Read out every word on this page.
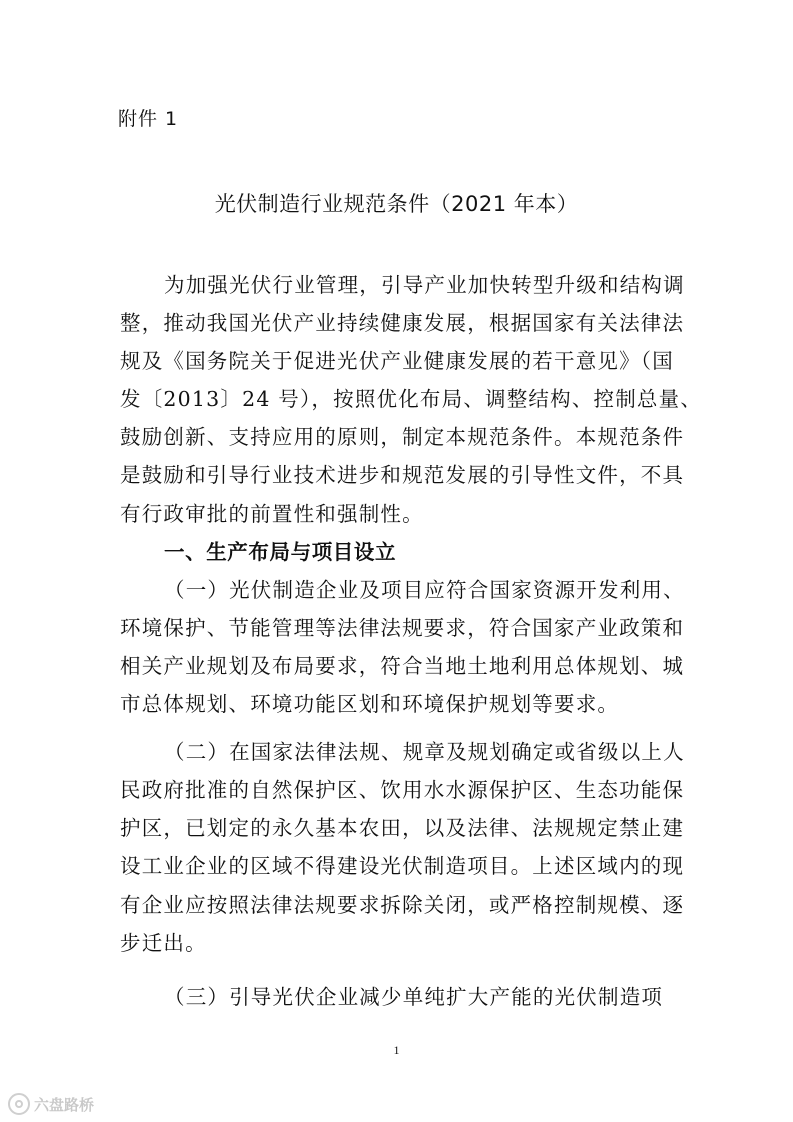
附件 1
光伏制造行业规范条件（2021 年本）
为加强光伏行业管理，引导产业加快转型升级和结构调
整，推动我国光伏产业持续健康发展，根据国家有关法律法
规及《国务院关于促进光伏产业健康发展的若干意见》（国
发〔2013〕24 号），按照优化布局、调整结构、控制总量、
鼓励创新、支持应用的原则，制定本规范条件。本规范条件
是鼓励和引导行业技术进步和规范发展的引导性文件，不具
有行政审批的前置性和强制性。
一、生产布局与项目设立
（一）光伏制造企业及项目应符合国家资源开发利用、
环境保护、节能管理等法律法规要求，符合国家产业政策和
相关产业规划及布局要求，符合当地土地利用总体规划、城
市总体规划、环境功能区划和环境保护规划等要求。
（二）在国家法律法规、规章及规划确定或省级以上人
民政府批准的自然保护区、饮用水水源保护区、生态功能保
护区，已划定的永久基本农田，以及法律、法规规定禁止建
设工业企业的区域不得建设光伏制造项目。上述区域内的现
有企业应按照法律法规要求拆除关闭，或严格控制规模、逐
步迁出。
（三）引导光伏企业减少单纯扩大产能的光伏制造项
1
六盘路桥
